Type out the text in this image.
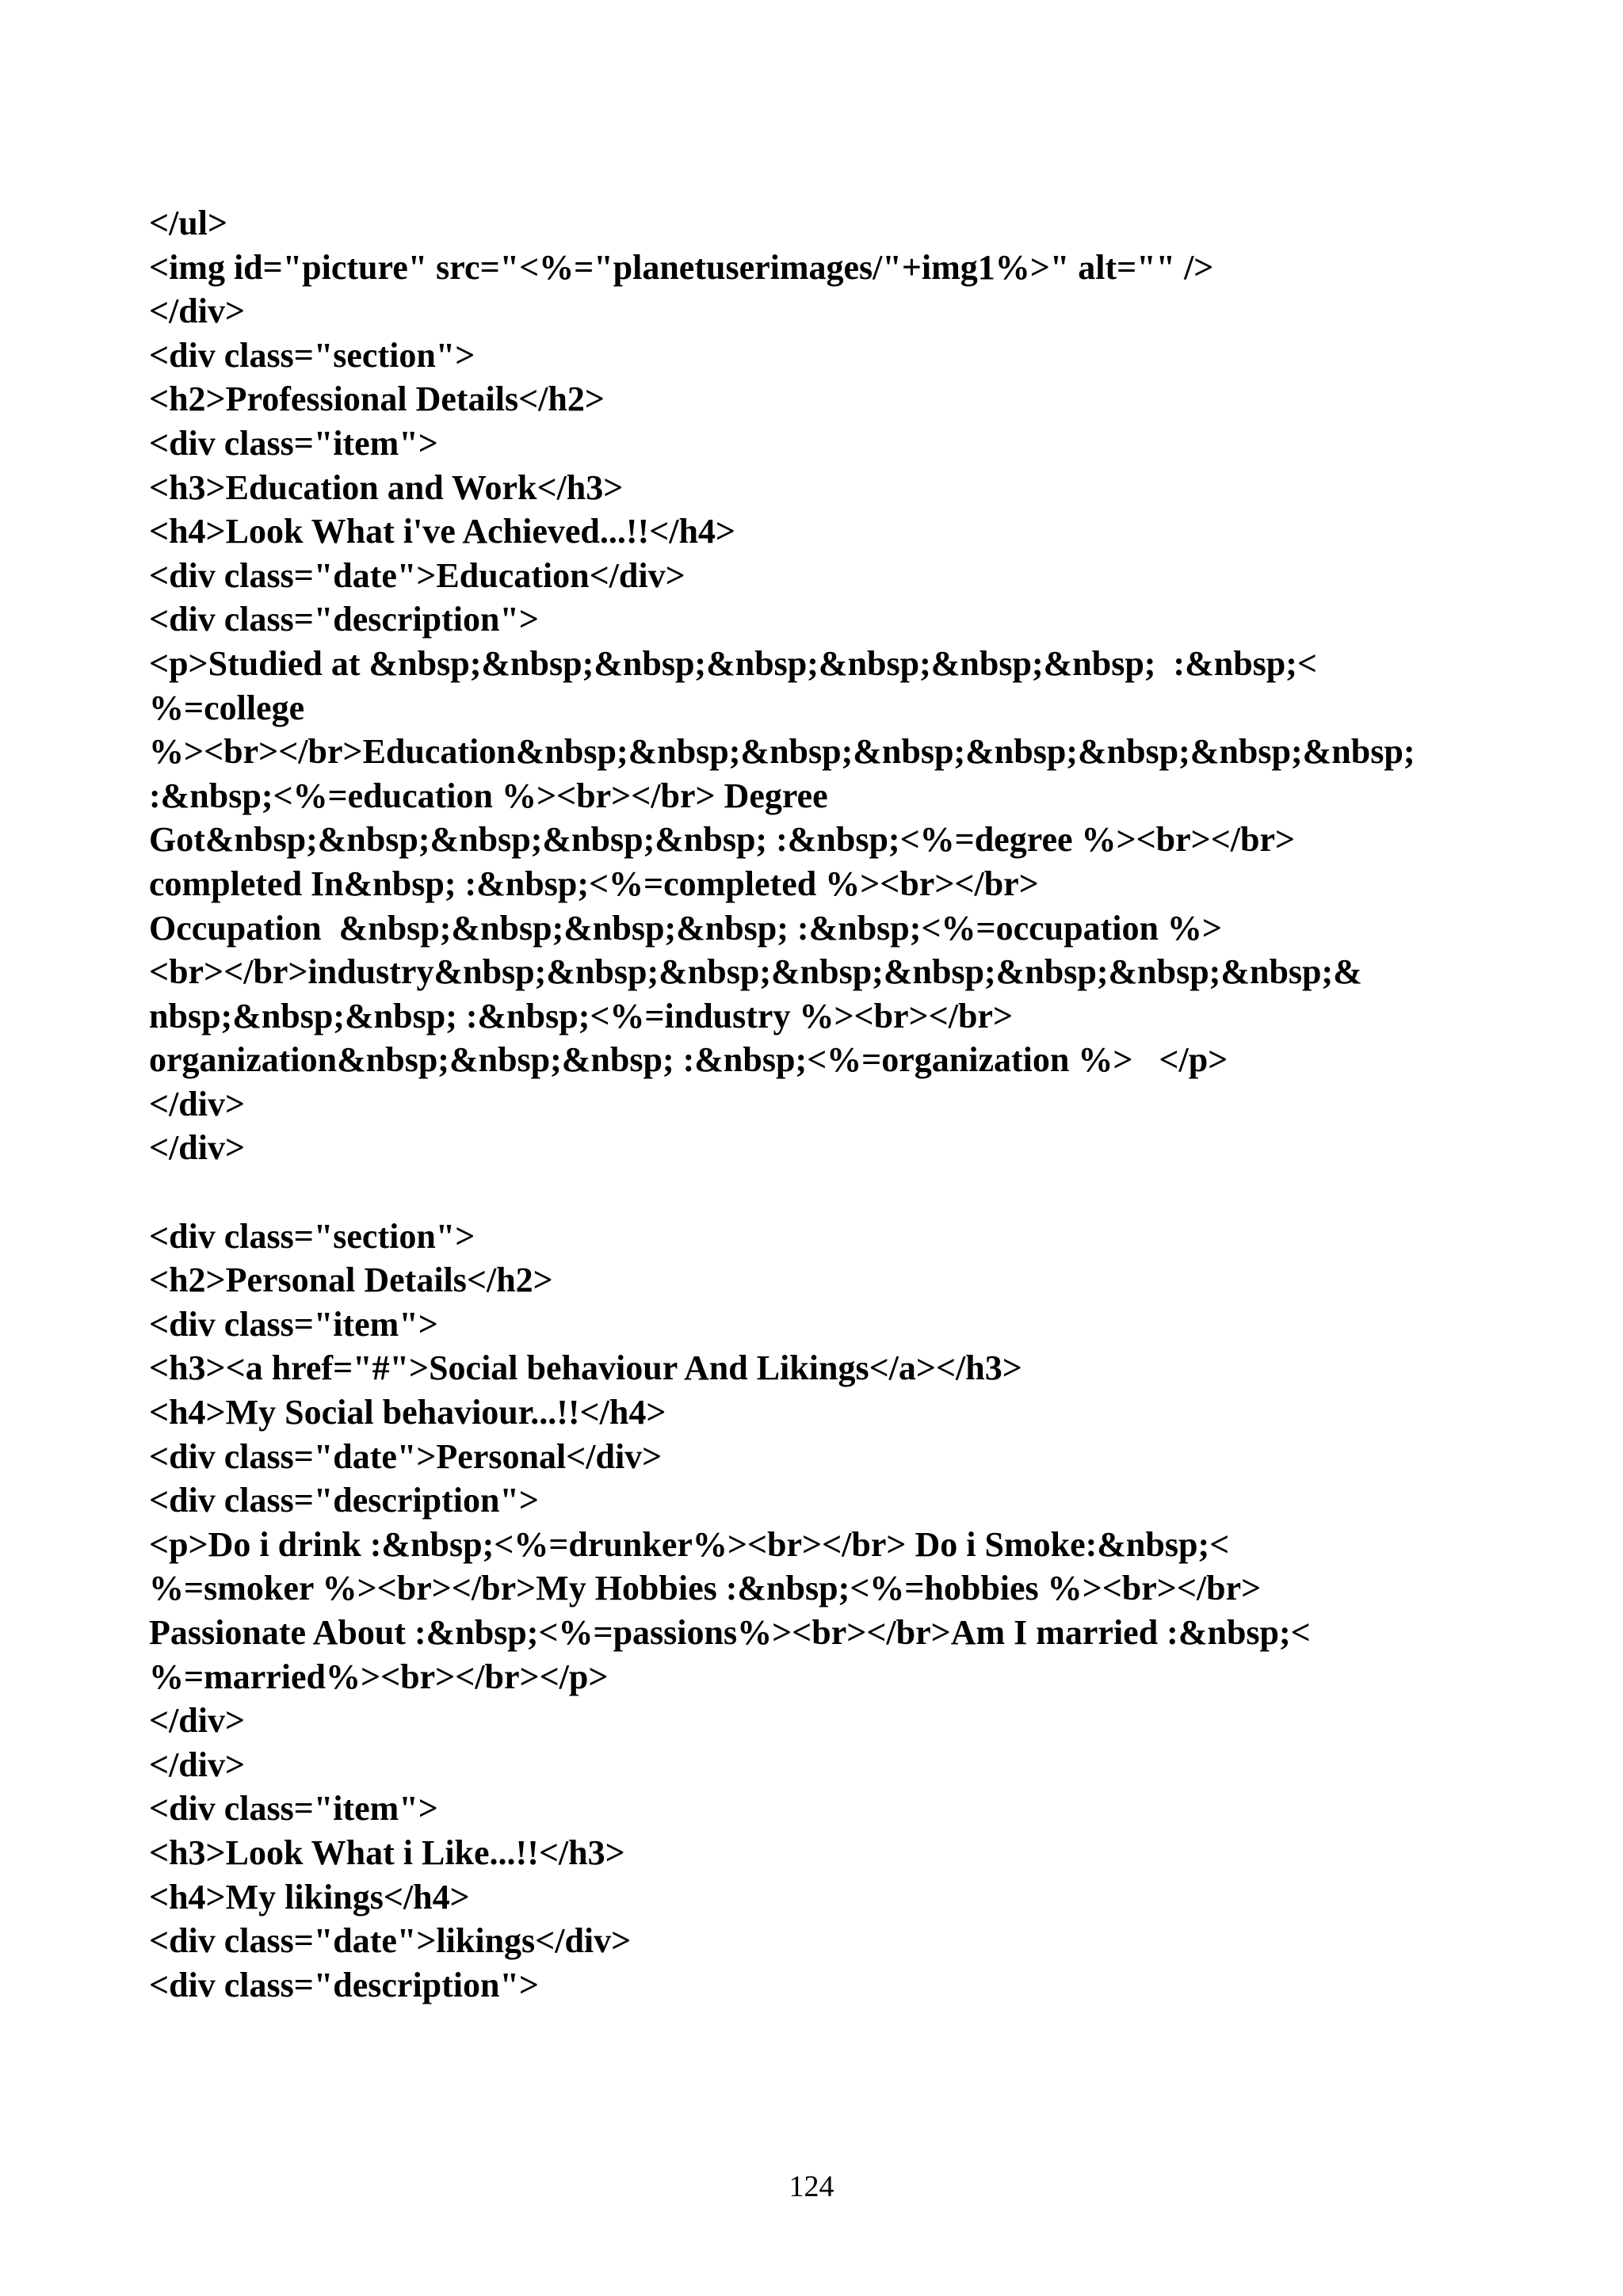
</ul>
<img id="picture" src="<%="planetuserimages/"+img1%>" alt="" />
</div>
<div class="section">
<h2>Professional Details</h2>
<div class="item">
<h3>Education and Work</h3>
<h4>Look What i've Achieved...!!</h4>
<div class="date">Education</div>
<div class="description">
<p>Studied at &nbsp;&nbsp;&nbsp;&nbsp;&nbsp;&nbsp;&nbsp;  :&nbsp;<
%=college
%><br></br>Education&nbsp;&nbsp;&nbsp;&nbsp;&nbsp;&nbsp;&nbsp;&nbsp;
:&nbsp;<%=education %><br></br> Degree
Got&nbsp;&nbsp;&nbsp;&nbsp;&nbsp; :&nbsp;<%=degree %><br></br>
completed In&nbsp; :&nbsp;<%=completed %><br></br>
Occupation  &nbsp;&nbsp;&nbsp;&nbsp; :&nbsp;<%=occupation %>
<br></br>industry&nbsp;&nbsp;&nbsp;&nbsp;&nbsp;&nbsp;&nbsp;&nbsp;&
nbsp;&nbsp;&nbsp; :&nbsp;<%=industry %><br></br>
organization&nbsp;&nbsp;&nbsp; :&nbsp;<%=organization %>   </p>
</div>
</div>
<div class="section">
<h2>Personal Details</h2>
<div class="item">
<h3><a href="#">Social behaviour And Likings</a></h3>
<h4>My Social behaviour...!!</h4>
<div class="date">Personal</div>
<div class="description">
<p>Do i drink :&nbsp;<%=drunker%><br></br> Do i Smoke:&nbsp;<
%=smoker %><br></br>My Hobbies :&nbsp;<%=hobbies %><br></br>
Passionate About :&nbsp;<%=passions%><br></br>Am I married :&nbsp;<
%=married%><br></br></p>
</div>
</div>
<div class="item">
<h3>Look What i Like...!!</h3>
<h4>My likings</h4>
<div class="date">likings</div>
<div class="description">
124
